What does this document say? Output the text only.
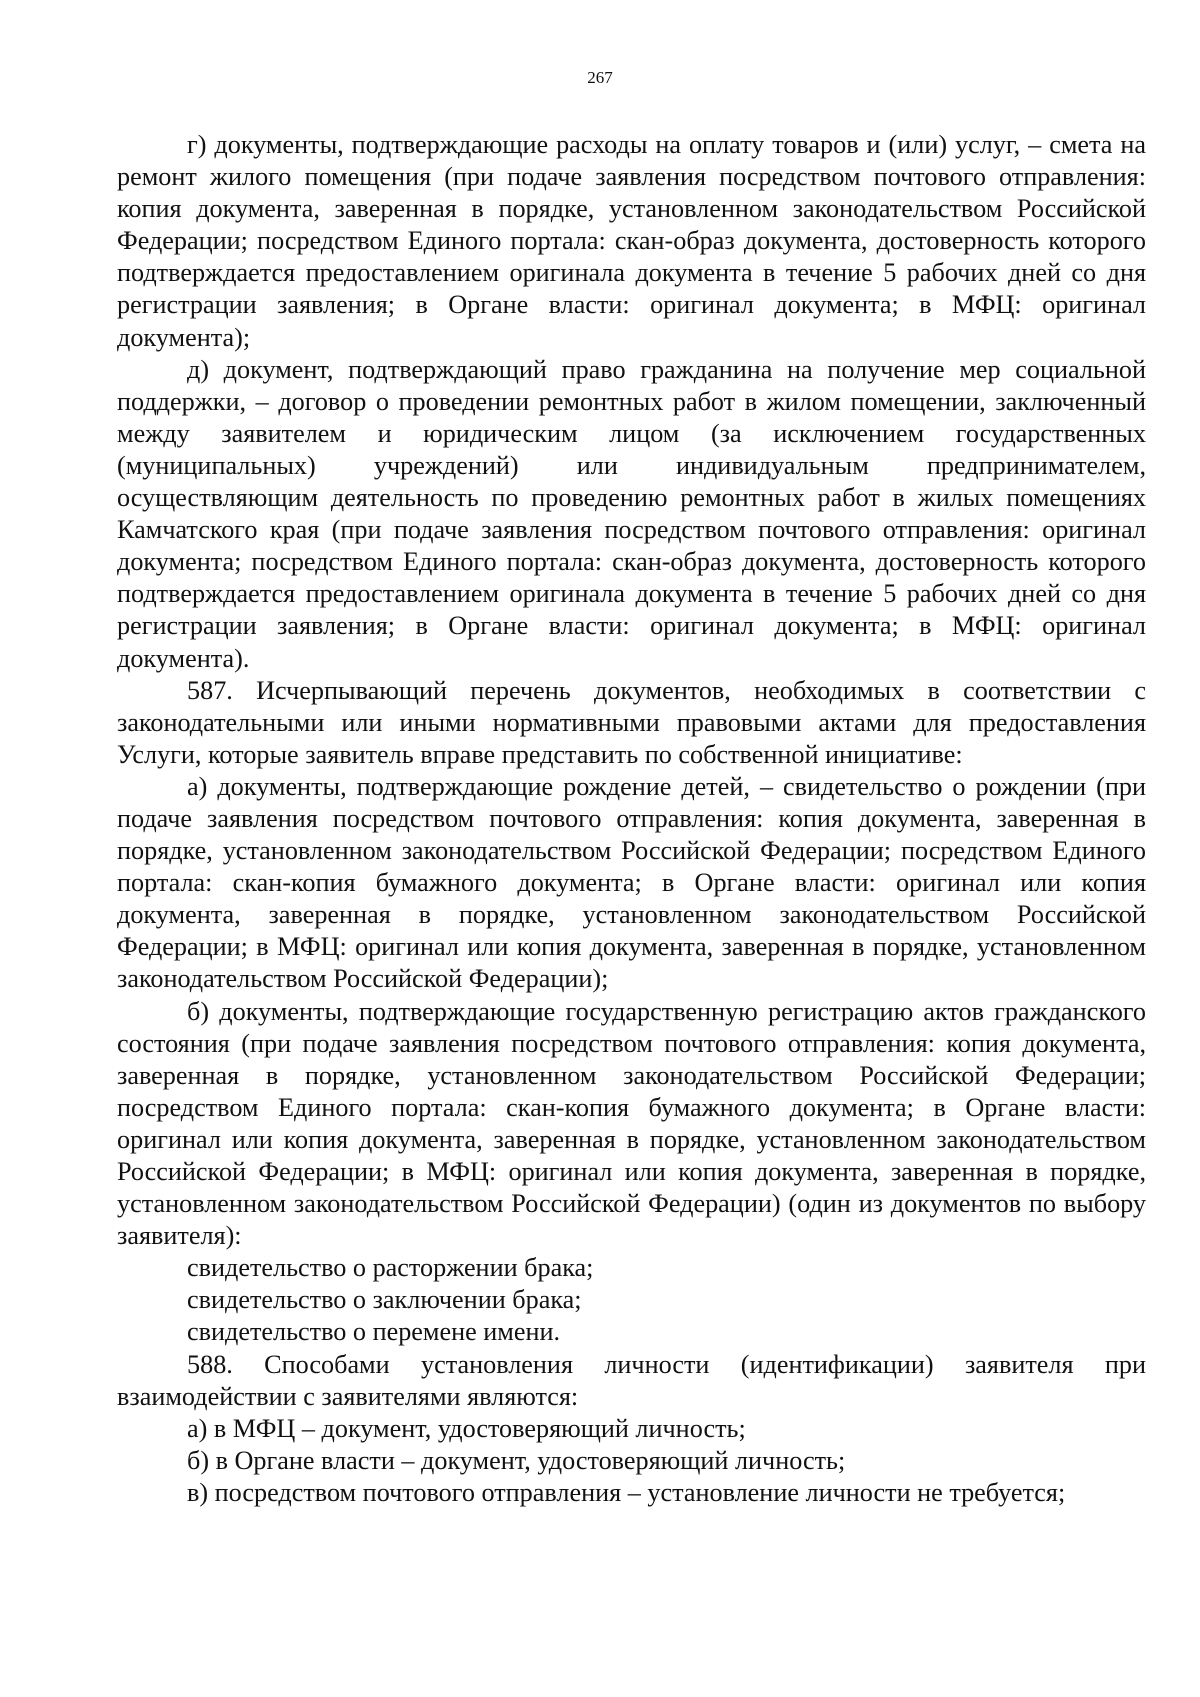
267

г) документы, подтверждающие расходы на оплату товаров и (или) услуг, – смета на ремонт жилого помещения (при подаче заявления посредством почтового отправления: копия документа, заверенная в порядке, установленном законодательством Российской Федерации; посредством Единого портала: скан-образ документа, достоверность которого подтверждается предоставлением оригинала документа в течение 5 рабочих дней со дня регистрации заявления; в Органе власти: оригинал документа; в МФЦ: оригинал документа);

д) документ, подтверждающий право гражданина на получение мер социальной поддержки, – договор о проведении ремонтных работ в жилом помещении, заключенный между заявителем и юридическим лицом (за исключением государственных (муниципальных) учреждений) или индивидуальным предпринимателем, осуществляющим деятельность по проведению ремонтных работ в жилых помещениях Камчатского края (при подаче заявления посредством почтового отправления: оригинал документа; посредством Единого портала: скан-образ документа, достоверность которого подтверждается предоставлением оригинала документа в течение 5 рабочих дней со дня регистрации заявления; в Органе власти: оригинал документа; в МФЦ: оригинал документа).

587. Исчерпывающий перечень документов, необходимых в соответствии с законодательными или иными нормативными правовыми актами для предоставления Услуги, которые заявитель вправе представить по собственной инициативе:

а) документы, подтверждающие рождение детей, – свидетельство о рождении (при подаче заявления посредством почтового отправления: копия документа, заверенная в порядке, установленном законодательством Российской Федерации; посредством Единого портала: скан-копия бумажного документа; в Органе власти: оригинал или копия документа, заверенная в порядке, установленном законодательством Российской Федерации; в МФЦ: оригинал или копия документа, заверенная в порядке, установленном законодательством Российской Федерации);

б) документы, подтверждающие государственную регистрацию актов гражданского состояния (при подаче заявления посредством почтового отправления: копия документа, заверенная в порядке, установленном законодательством Российской Федерации; посредством Единого портала: скан-копия бумажного документа; в Органе власти: оригинал или копия документа, заверенная в порядке, установленном законодательством Российской Федерации; в МФЦ: оригинал или копия документа, заверенная в порядке, установленном законодательством Российской Федерации) (один из документов по выбору заявителя):

свидетельство о расторжении брака;

свидетельство о заключении брака;

свидетельство о перемене имени.

588. Способами установления личности (идентификации) заявителя при взаимодействии с заявителями являются:

а) в МФЦ – документ, удостоверяющий личность;

б) в Органе власти – документ, удостоверяющий личность;

в) посредством почтового отправления – установление личности не требуется;
